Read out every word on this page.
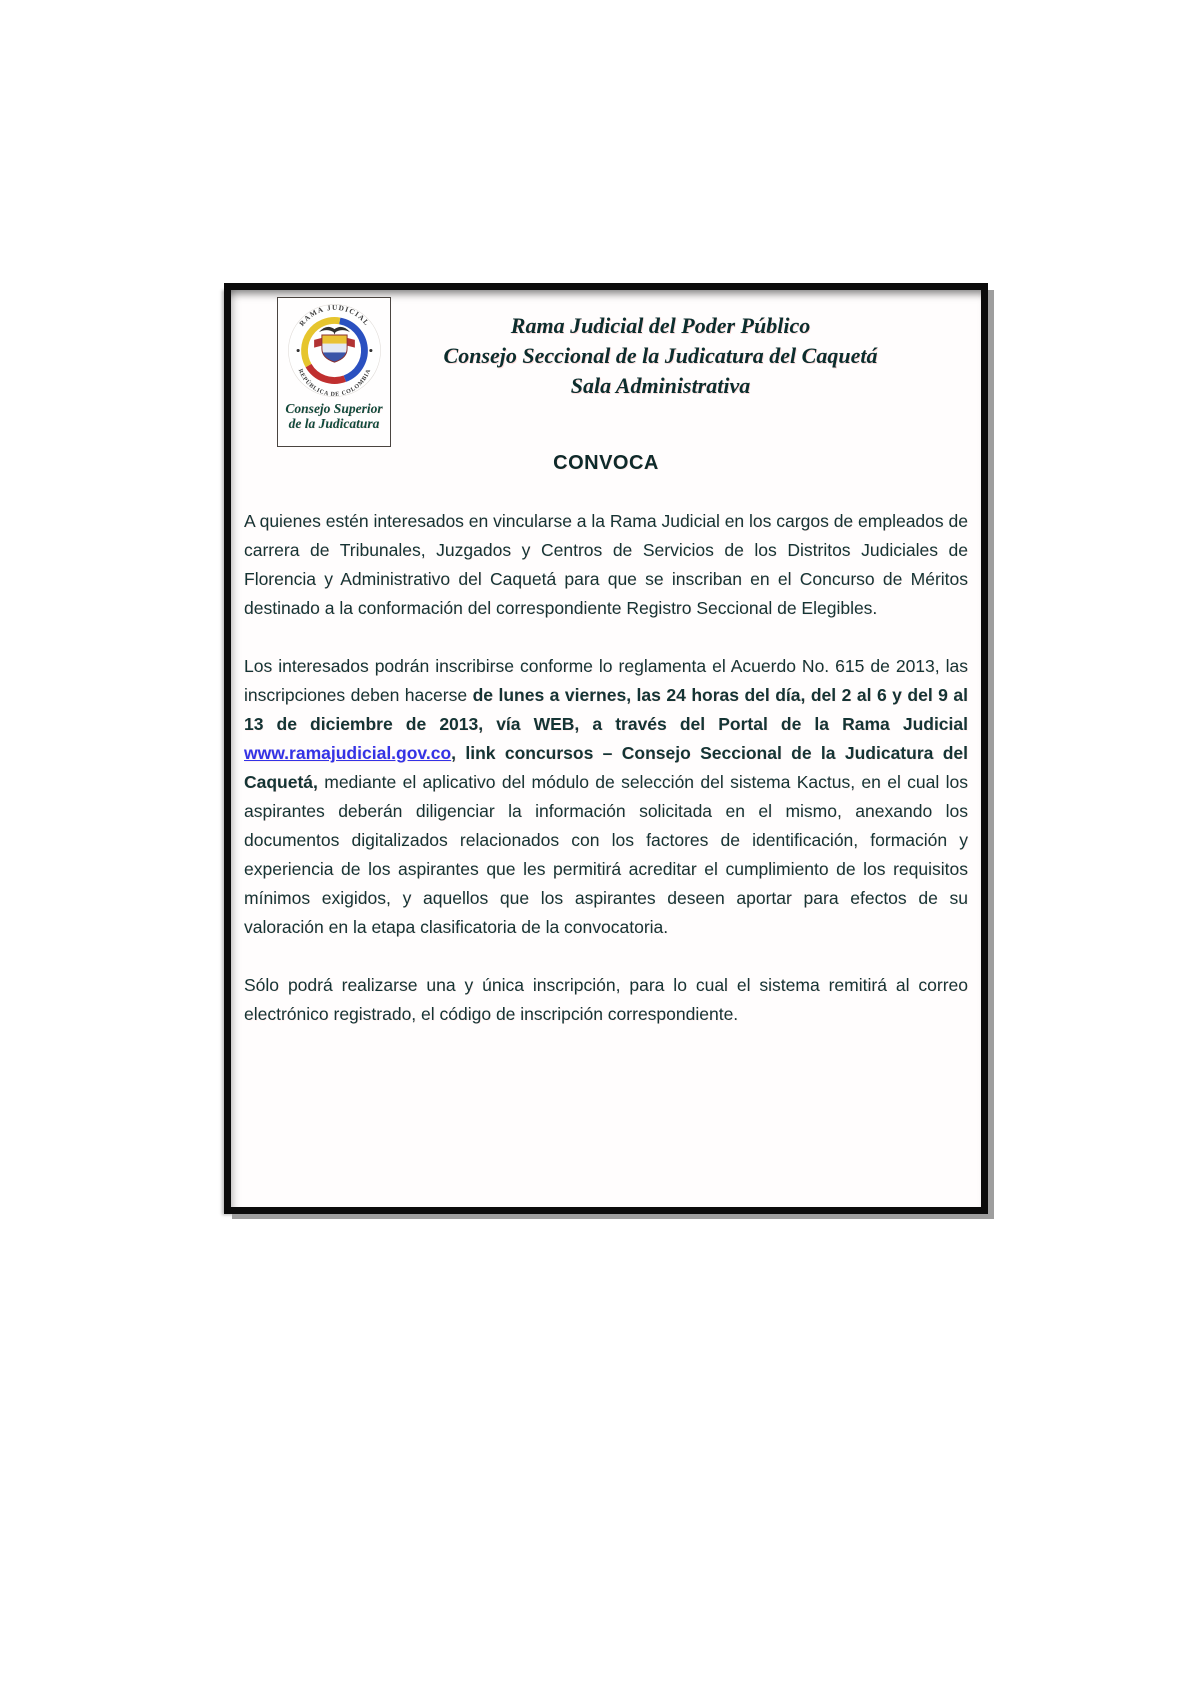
RAMA JUDICIAL
REPÚBLICA DE COLOMBIA
Consejo Superior
de la Judicatura
Rama Judicial del Poder Público
Consejo Seccional de la Judicatura del Caquetá
Sala Administrativa
CONVOCA

A quienes estén interesados en vincularse a la Rama Judicial en los cargos de empleados de carrera de Tribunales, Juzgados y Centros de Servicios de los Distritos Judiciales de Florencia y Administrativo del Caquetá para que se inscriban en el Concurso de Méritos destinado a la conformación del correspondiente Registro Seccional de Elegibles.

Los interesados podrán inscribirse conforme lo reglamenta el Acuerdo No. 615 de 2013, las inscripciones deben hacerse de lunes a viernes, las 24 horas del día, del 2 al 6 y del 9 al 13 de diciembre de 2013, vía WEB, a través del Portal de la Rama Judicial www.ramajudicial.gov.co, link concursos – Consejo Seccional de la Judicatura del Caquetá, mediante el aplicativo del módulo de selección del sistema Kactus, en el cual los aspirantes deberán diligenciar la información solicitada en el mismo, anexando los documentos digitalizados relacionados con los factores de identificación, formación y experiencia de los aspirantes que les permitirá acreditar el cumplimiento de los requisitos mínimos exigidos, y aquellos que los aspirantes deseen aportar para efectos de su valoración en la etapa clasificatoria de la convocatoria.

Sólo podrá realizarse una y única inscripción, para lo cual el sistema remitirá al correo electrónico registrado, el código de inscripción correspondiente.
